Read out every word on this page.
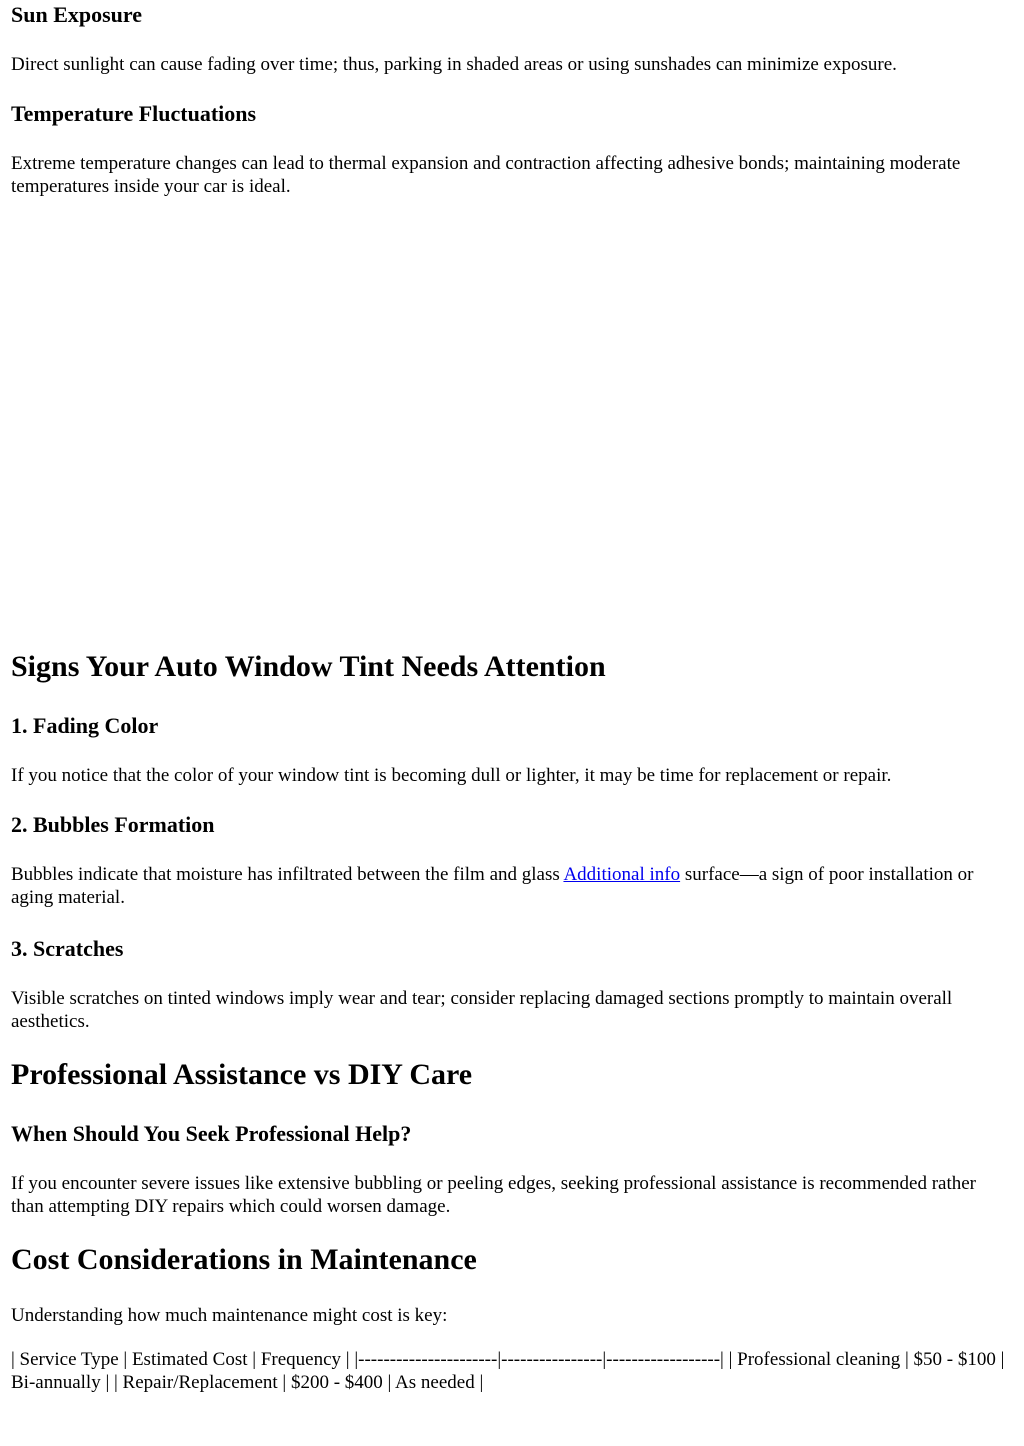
Sun Exposure

Direct sunlight can cause fading over time; thus, parking in shaded areas or using sunshades can minimize exposure.

Temperature Fluctuations

Extreme temperature changes can lead to thermal expansion and contraction affecting adhesive bonds; maintaining moderate temperatures inside your car is ideal.

Signs Your Auto Window Tint Needs Attention
1. Fading Color

If you notice that the color of your window tint is becoming dull or lighter, it may be time for replacement or repair.

2. Bubbles Formation

Bubbles indicate that moisture has infiltrated between the film and glass Additional info surface—a sign of poor installation or aging material.

3. Scratches

Visible scratches on tinted windows imply wear and tear; consider replacing damaged sections promptly to maintain overall aesthetics.

Professional Assistance vs DIY Care
When Should You Seek Professional Help?

If you encounter severe issues like extensive bubbling or peeling edges, seeking professional assistance is recommended rather than attempting DIY repairs which could worsen damage.

Cost Considerations in Maintenance

Understanding how much maintenance might cost is key:

| Service Type | Estimated Cost | Frequency | |----------------------|----------------|------------------| | Professional cleaning | $50 - $100 | Bi-annually | | Repair/Replacement | $200 - $400 | As needed |
